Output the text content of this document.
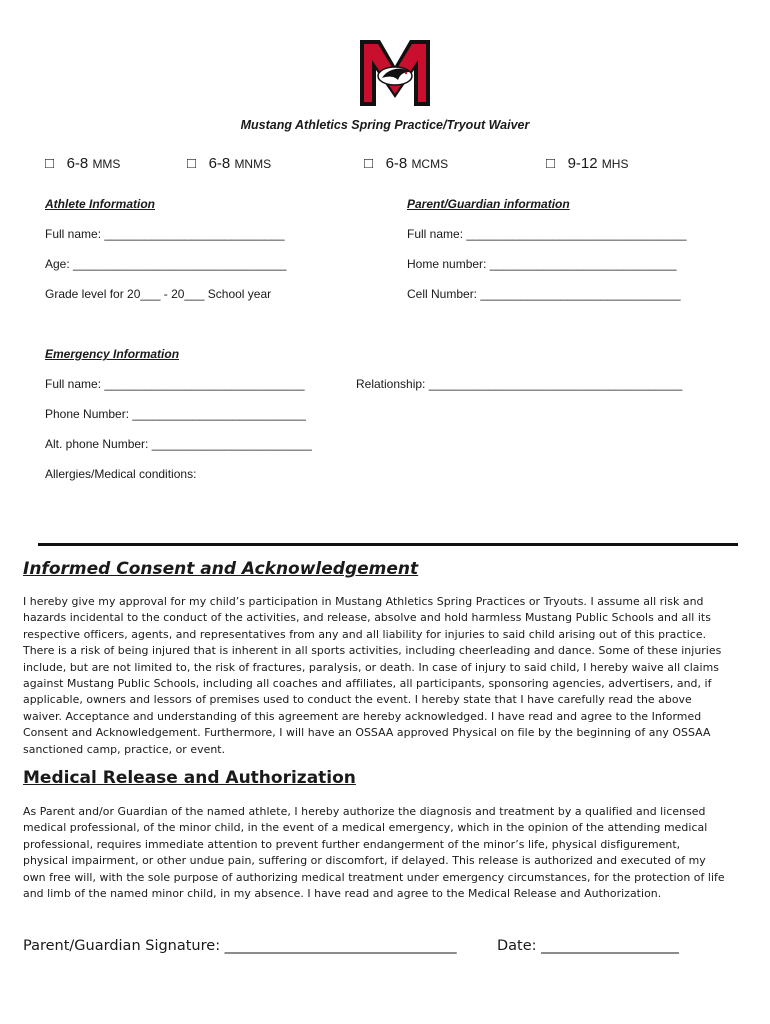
Mustang Athletics Spring Practice/Tryout Waiver
□ 6-8 MMS	□ 6-8 MNMS	□ 6-8 MCMS	□ 9-12 MHS
Athlete Information
Full name: ___________________________
Age: ________________________________
Grade level for 20___ - 20___ School year
Parent/Guardian information
Full name: _________________________________
Home number: ____________________________
Cell Number: ______________________________
Emergency Information
Full name: ______________________________	Relationship: ______________________________________
Phone Number: __________________________
Alt. phone Number: ________________________
Allergies/Medical conditions:
Informed Consent and Acknowledgement
I hereby give my approval for my child’s participation in Mustang Athletics Spring Practices or Tryouts. I assume all risk and hazards incidental to the conduct of the activities, and release, absolve and hold harmless Mustang Public Schools and all its respective officers, agents, and representatives from any and all liability for injuries to said child arising out of this practice. There is a risk of being injured that is inherent in all sports activities, including cheerleading and dance. Some of these injuries include, but are not limited to, the risk of fractures, paralysis, or death. In case of injury to said child, I hereby waive all claims against Mustang Public Schools, including all coaches and affiliates, all participants, sponsoring agencies, advertisers, and, if applicable, owners and lessors of premises used to conduct the event. I hereby state that I have carefully read the above waiver. Acceptance and understanding of this agreement are hereby acknowledged. I have read and agree to the Informed Consent and Acknowledgement. Furthermore, I will have an OSSAA approved Physical on file by the beginning of any OSSAA sanctioned camp, practice, or event.
Medical Release and Authorization
As Parent and/or Guardian of the named athlete, I hereby authorize the diagnosis and treatment by a qualified and licensed medical professional, of the minor child, in the event of a medical emergency, which in the opinion of the attending medical professional, requires immediate attention to prevent further endangerment of the minor’s life, physical disfigurement, physical impairment, or other undue pain, suffering or discomfort, if delayed. This release is authorized and executed of my own free will, with the sole purpose of authorizing medical treatment under emergency circumstances, for the protection of life and limb of the named minor child, in my absence. I have read and agree to the Medical Release and Authorization.
Parent/Guardian Signature: ________________________________	Date: ___________________
